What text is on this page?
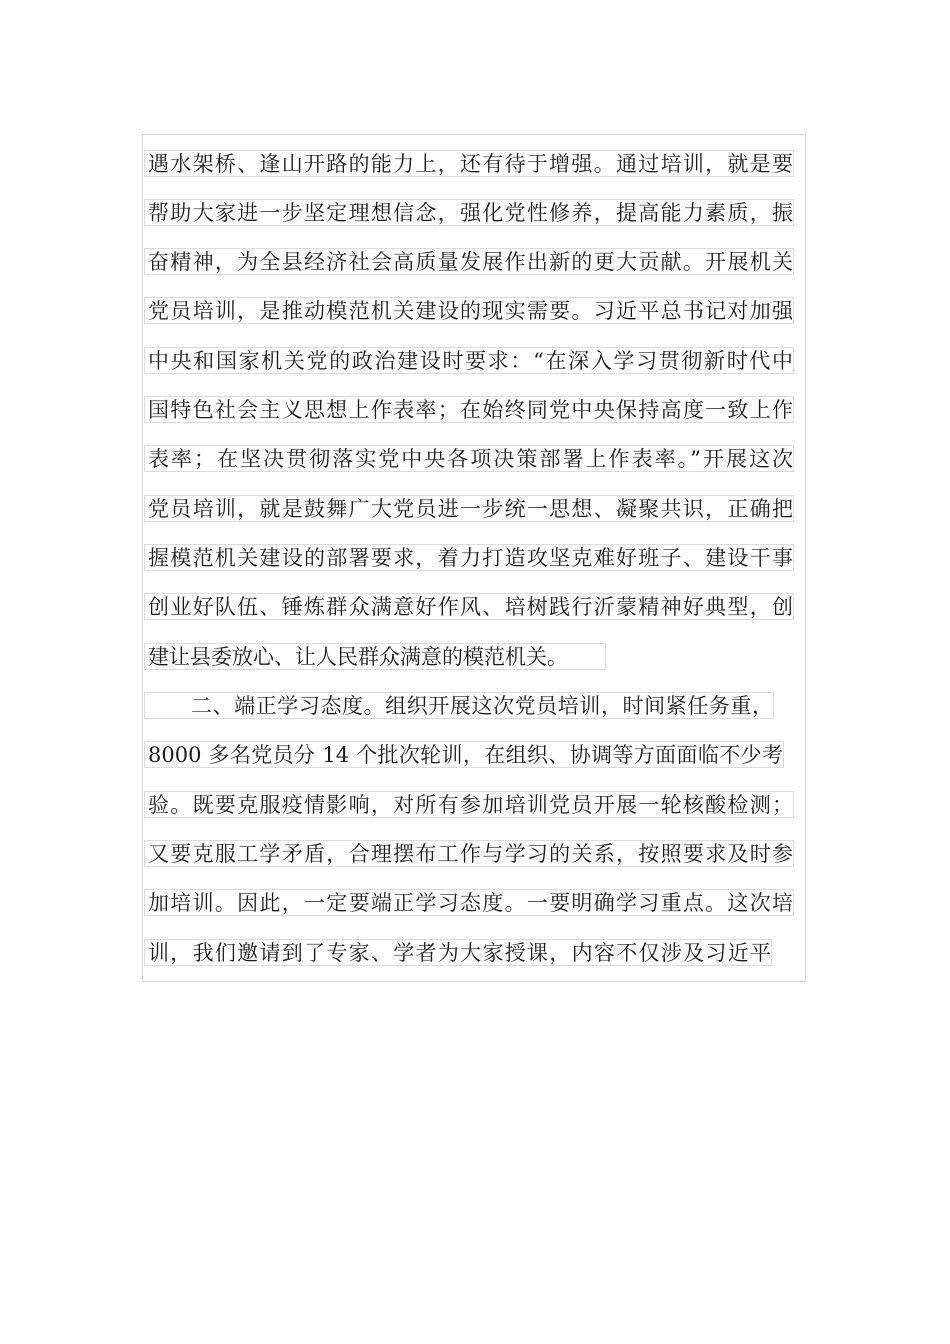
遇水架桥、逢山开路的能力上，还有待于增强。通过培训，就是要
帮助大家进一步坚定理想信念，强化党性修养，提高能力素质，振
奋精神，为全县经济社会高质量发展作出新的更大贡献。开展机关
党员培训，是推动模范机关建设的现实需要。习近平总书记对加强
中央和国家机关党的政治建设时要求：“在深入学习贯彻新时代中
国特色社会主义思想上作表率；在始终同党中央保持高度一致上作
表率；在坚决贯彻落实党中央各项决策部署上作表率。”开展这次
党员培训，就是鼓舞广大党员进一步统一思想、凝聚共识，正确把
握模范机关建设的部署要求，着力打造攻坚克难好班子、建设干事
创业好队伍、锤炼群众满意好作风、培树践行沂蒙精神好典型，创
建让县委放心、让人民群众满意的模范机关。
二、端正学习态度。组织开展这次党员培训，时间紧任务重，
8000 多名党员分 14 个批次轮训，在组织、协调等方面面临不少考
验。既要克服疫情影响，对所有参加培训党员开展一轮核酸检测；
又要克服工学矛盾，合理摆布工作与学习的关系，按照要求及时参
加培训。因此，一定要端正学习态度。一要明确学习重点。这次培
训，我们邀请到了专家、学者为大家授课，内容不仅涉及习近平
